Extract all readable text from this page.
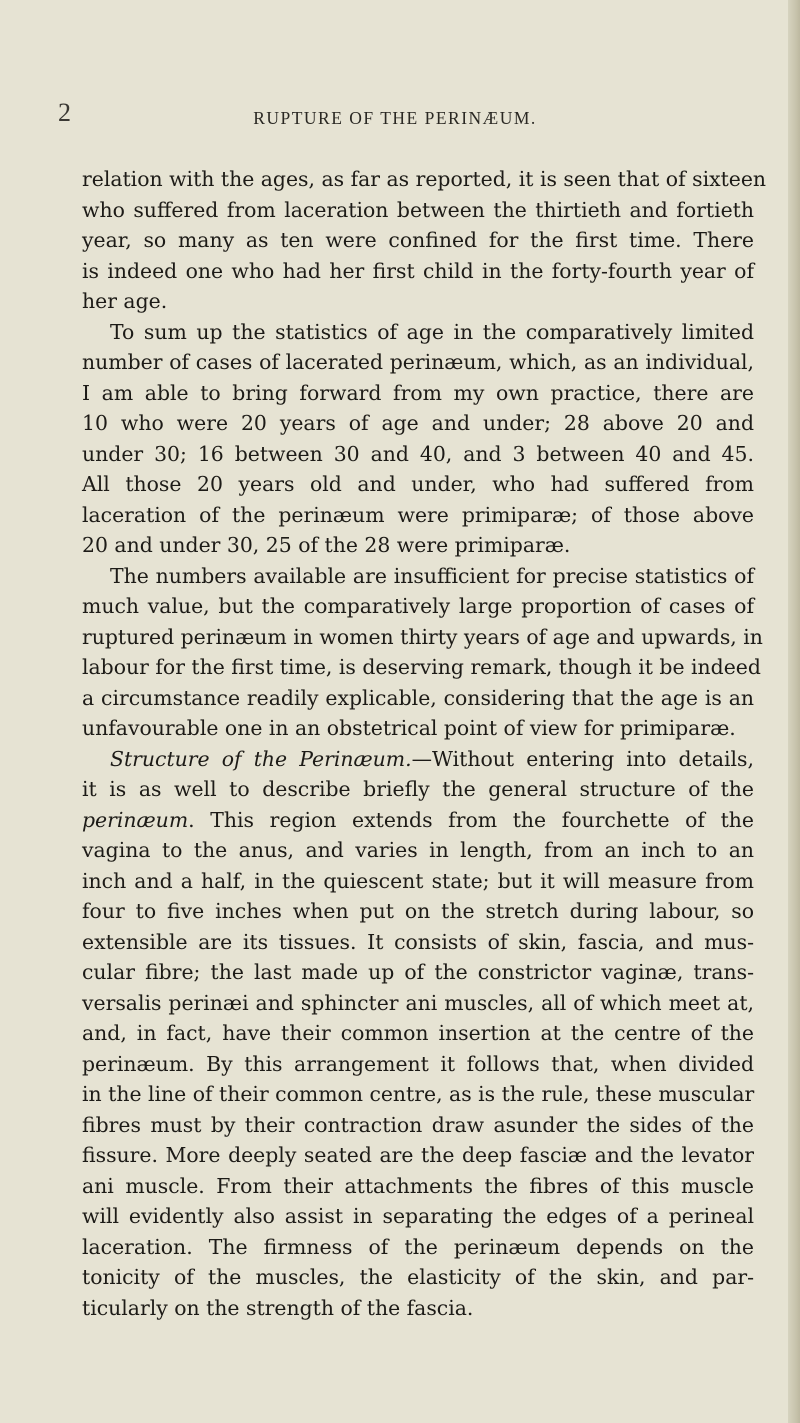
2	RUPTURE OF THE PERINÆUM.
relation with the ages, as far as reported, it is seen that of sixteen
who suffered from laceration between the thirtieth and fortieth
year, so many as ten were confined for the first time. There
is indeed one who had her first child in the forty-fourth year of
her age.
To sum up the statistics of age in the comparatively limited
number of cases of lacerated perinæum, which, as an individual,
I am able to bring forward from my own practice, there are
10 who were 20 years of age and under; 28 above 20 and
under 30; 16 between 30 and 40, and 3 between 40 and 45.
All those 20 years old and under, who had suffered from
laceration of the perinæum were primiparæ; of those above
20 and under 30, 25 of the 28 were primiparæ.
The numbers available are insufficient for precise statistics of
much value, but the comparatively large proportion of cases of
ruptured perinæum in women thirty years of age and upwards, in
labour for the first time, is deserving remark, though it be indeed
a circumstance readily explicable, considering that the age is an
unfavourable one in an obstetrical point of view for primiparæ.
Structure of the Perinæum.—Without entering into details,
it is as well to describe briefly the general structure of the
perinæum. This region extends from the fourchette of the
vagina to the anus, and varies in length, from an inch to an
inch and a half, in the quiescent state; but it will measure from
four to five inches when put on the stretch during labour, so
extensible are its tissues. It consists of skin, fascia, and mus-
cular fibre; the last made up of the constrictor vaginæ, trans-
versalis perinæi and sphincter ani muscles, all of which meet at,
and, in fact, have their common insertion at the centre of the
perinæum. By this arrangement it follows that, when divided
in the line of their common centre, as is the rule, these muscular
fibres must by their contraction draw asunder the sides of the
fissure. More deeply seated are the deep fasciæ and the levator
ani muscle. From their attachments the fibres of this muscle
will evidently also assist in separating the edges of a perineal
laceration. The firmness of the perinæum depends on the
tonicity of the muscles, the elasticity of the skin, and par-
ticularly on the strength of the fascia.
